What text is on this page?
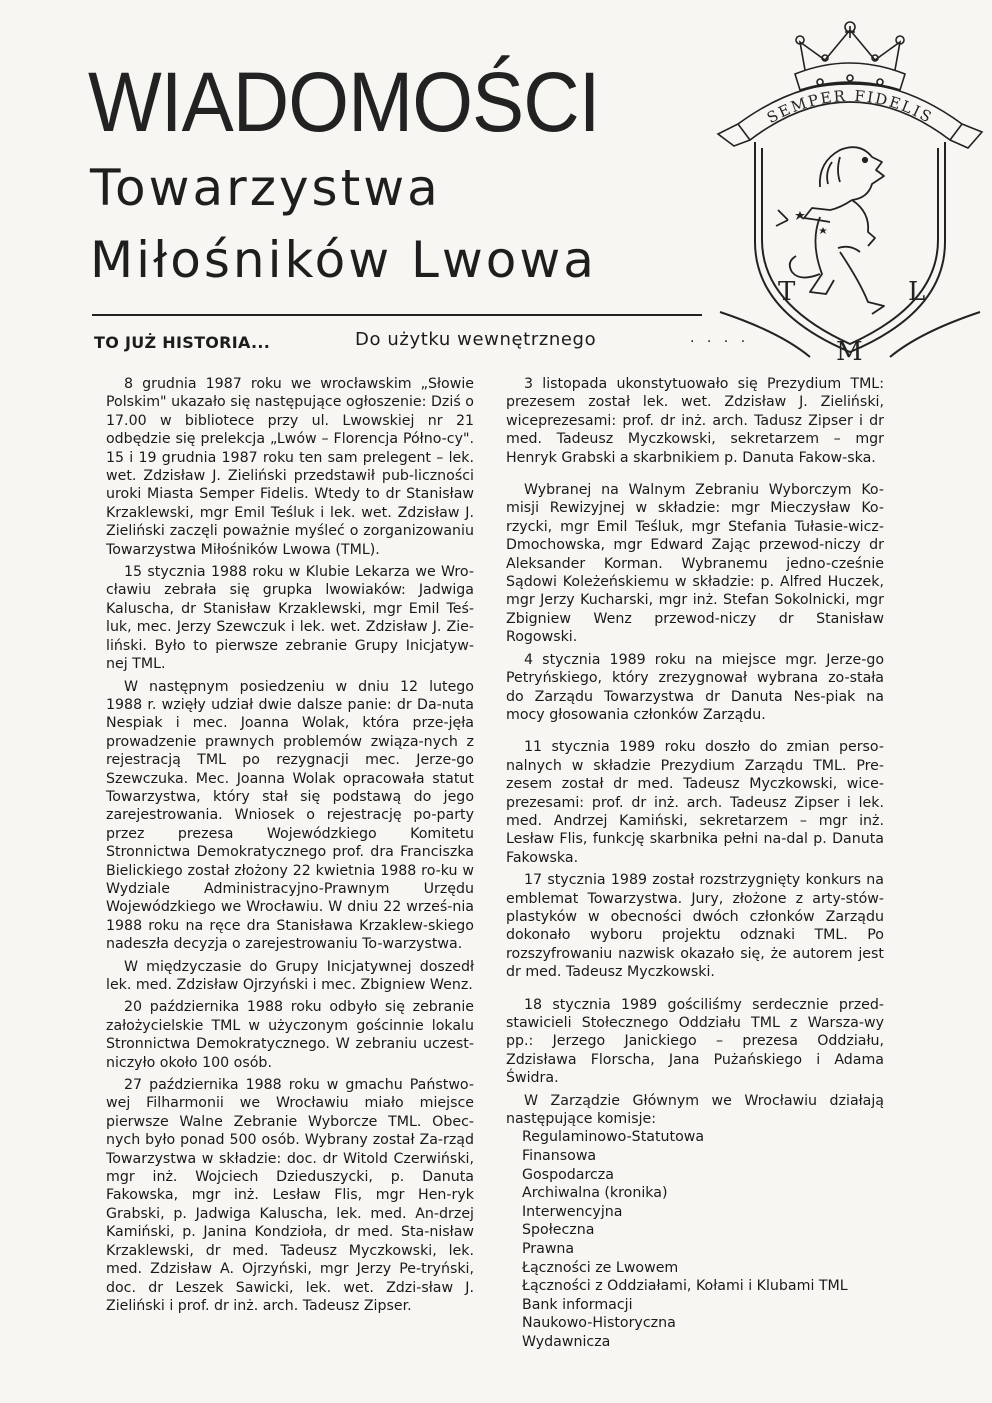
WIADOMOŚCI
Towarzystwa
Miłośników Lwowa
SEMPER FIDELIS
T	L
M
TO JUŻ HISTORIA...	Do użytku wewnętrznego	· · · ·

8 grudnia 1987 roku we wrocławskim „Słowie Polskim" ukazało się następujące ogłoszenie: Dziś o 17.00 w bibliotece przy ul. Lwowskiej nr 21 odbędzie się prelekcja „Lwów – Florencja Półno-cy". 15 i 19 grudnia 1987 roku ten sam prelegent – lek. wet. Zdzisław J. Zieliński przedstawił pub-liczności uroki Miasta Semper Fidelis. Wtedy to dr Stanisław Krzaklewski, mgr Emil Teśluk i lek. wet. Zdzisław J. Zieliński zaczęli poważnie myśleć o zorganizowaniu Towarzystwa Miłośników Lwowa (TML).

15 stycznia 1988 roku w Klubie Lekarza we Wro-cławiu zebrała się grupka lwowiaków: Jadwiga Kaluscha, dr Stanisław Krzaklewski, mgr Emil Teś-luk, mec. Jerzy Szewczuk i lek. wet. Zdzisław J. Zie-liński. Było to pierwsze zebranie Grupy Inicjatyw-nej TML.

W następnym posiedzeniu w dniu 12 lutego 1988 r. wzięły udział dwie dalsze panie: dr Da-nuta Nespiak i mec. Joanna Wolak, która prze-jęła prowadzenie prawnych problemów związa-nych z rejestracją TML po rezygnacji mec. Jerze-go Szewczuka. Mec. Joanna Wolak opracowała statut Towarzystwa, który stał się podstawą do jego zarejestrowania. Wniosek o rejestrację po-party przez prezesa Wojewódzkiego Komitetu Stronnictwa Demokratycznego prof. dra Franciszka Bielickiego został złożony 22 kwietnia 1988 ro-ku w Wydziale Administracyjno-Prawnym Urzędu Wojewódzkiego we Wrocławiu. W dniu 22 wrześ-nia 1988 roku na ręce dra Stanisława Krzaklew-skiego nadeszła decyzja o zarejestrowaniu To-warzystwa.

W międzyczasie do Grupy Inicjatywnej doszedł lek. med. Zdzisław Ojrzyński i mec. Zbigniew Wenz.

20 października 1988 roku odbyło się zebranie założycielskie TML w użyczonym gościnnie lokalu Stronnictwa Demokratycznego. W zebraniu uczest-niczyło około 100 osób.

27 października 1988 roku w gmachu Państwo-wej Filharmonii we Wrocławiu miało miejsce pierwsze Walne Zebranie Wyborcze TML. Obec-nych było ponad 500 osób. Wybrany został Za-rząd Towarzystwa w składzie: doc. dr Witold Czerwiński, mgr inż. Wojciech Dzieduszycki, p. Danuta Fakowska, mgr inż. Lesław Flis, mgr Hen-ryk Grabski, p. Jadwiga Kaluscha, lek. med. An-drzej Kamiński, p. Janina Kondzioła, dr med. Sta-nisław Krzaklewski, dr med. Tadeusz Myczkowski, lek. med. Zdzisław A. Ojrzyński, mgr Jerzy Pe-tryński, doc. dr Leszek Sawicki, lek. wet. Zdzi-sław J. Zieliński i prof. dr inż. arch. Tadeusz Zipser.

3 listopada ukonstytuowało się Prezydium TML: prezesem został lek. wet. Zdzisław J. Zieliński, wiceprezesami: prof. dr inż. arch. Tadusz Zipser i dr med. Tadeusz Myczkowski, sekretarzem – mgr Henryk Grabski a skarbnikiem p. Danuta Fakow-ska.

Wybranej na Walnym Zebraniu Wyborczym Ko-misji Rewizyjnej w składzie: mgr Mieczysław Ko-rzycki, mgr Emil Teśluk, mgr Stefania Tułasie-wicz-Dmochowska, mgr Edward Zając przewod-niczy dr Aleksander Korman. Wybranemu jedno-cześnie Sądowi Koleżeńskiemu w składzie: p. Alfred Huczek, mgr Jerzy Kucharski, mgr inż. Stefan Sokolnicki, mgr Zbigniew Wenz przewod-niczy dr Stanisław Rogowski.

4 stycznia 1989 roku na miejsce mgr. Jerze-go Petryńskiego, który zrezygnował wybrana zo-stała do Zarządu Towarzystwa dr Danuta Nes-piak na mocy głosowania członków Zarządu.

11 stycznia 1989 roku doszło do zmian perso-nalnych w składzie Prezydium Zarządu TML. Pre-zesem został dr med. Tadeusz Myczkowski, wice-prezesami: prof. dr inż. arch. Tadeusz Zipser i lek. med. Andrzej Kamiński, sekretarzem – mgr inż. Lesław Flis, funkcję skarbnika pełni na-dal p. Danuta Fakowska.

17 stycznia 1989 został rozstrzygnięty konkurs na emblemat Towarzystwa. Jury, złożone z arty-stów-plastyków w obecności dwóch członków Zarządu dokonało wyboru projektu odznaki TML. Po rozszyfrowaniu nazwisk okazało się, że autorem jest dr med. Tadeusz Myczkowski.

18 stycznia 1989 gościliśmy serdecznie przed-stawicieli Stołecznego Oddziału TML z Warsza-wy pp.: Jerzego Janickiego – prezesa Oddziału, Zdzisława Florscha, Jana Pużańskiego i Adama Świdra.

W Zarządzie Głównym we Wrocławiu działają następujące komisje:

Regulaminowo-Statutowa
Finansowa
Gospodarcza
Archiwalna (kronika)
Interwencyjna
Społeczna
Prawna
Łączności ze Lwowem
Łączności z Oddziałami, Kołami i Klubami TML
Bank informacji
Naukowo-Historyczna
Wydawnicza
